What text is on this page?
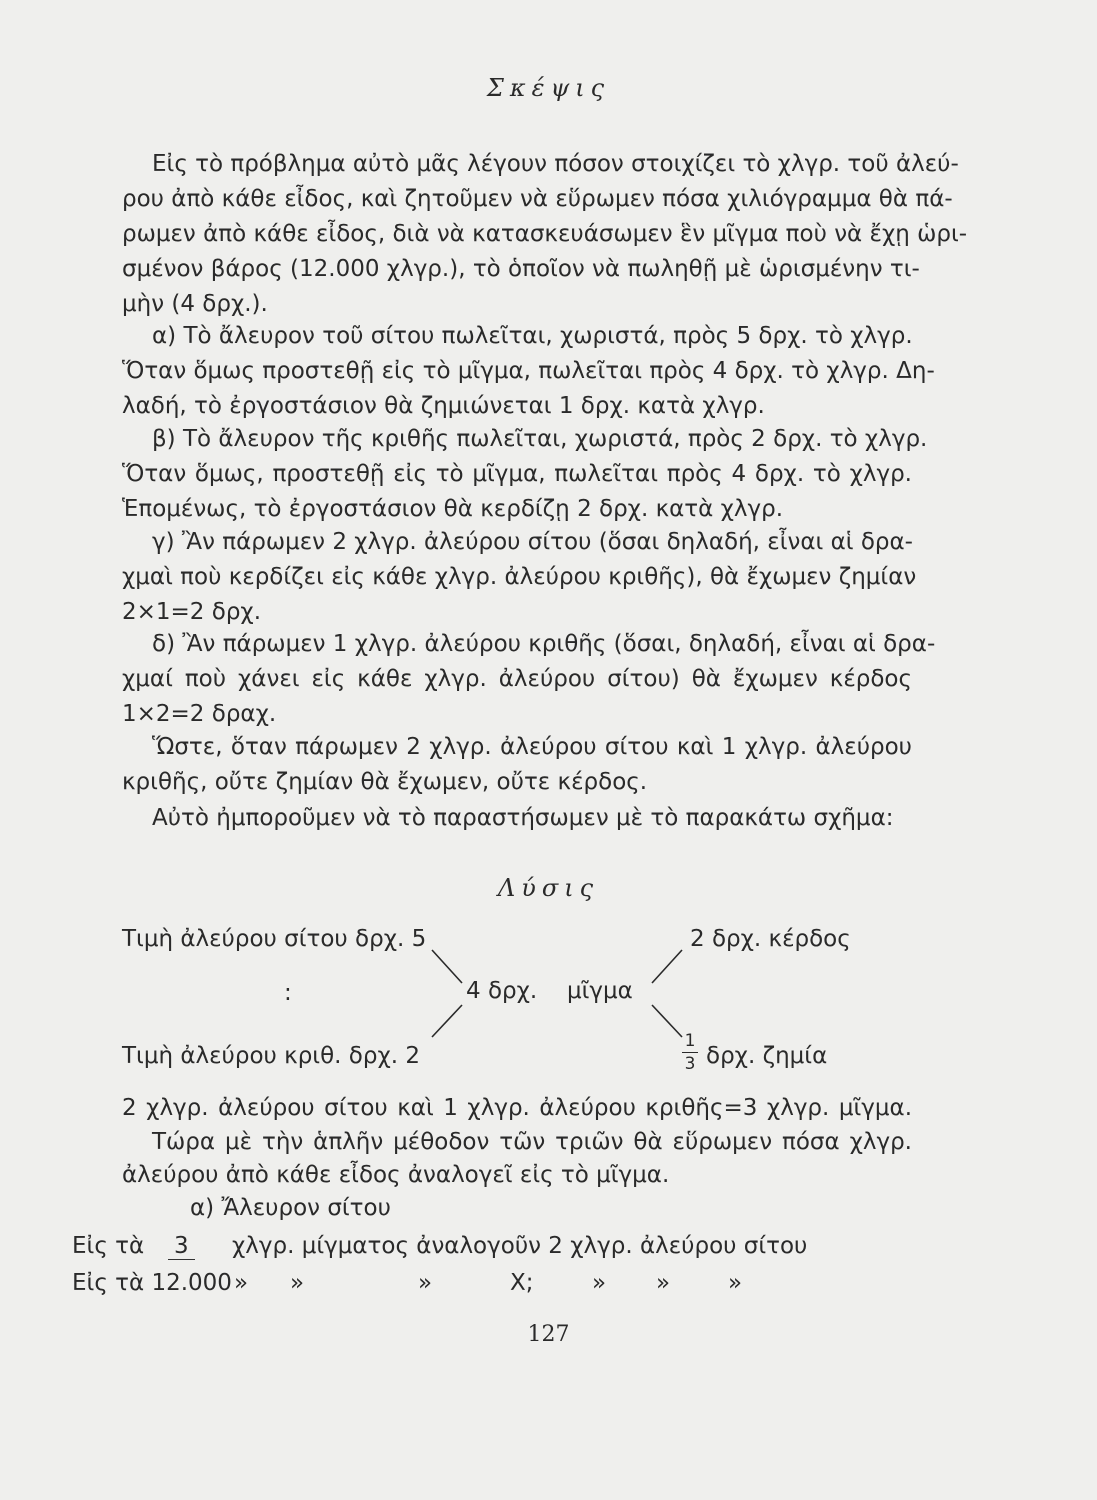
Σκέψις
Εἰς τὸ πρόβλημα αὐτὸ μᾶς λέγουν πόσον στοιχίζει τὸ χλγρ. τοῦ ἀλεύ-
ρου ἀπὸ κάθε εἶδος, καὶ ζητοῦμεν νὰ εὕρωμεν πόσα χιλιόγραμμα θὰ πά-
ρωμεν ἀπὸ κάθε εἶδος, διὰ νὰ κατασκευάσωμεν ἓν μῖγμα ποὺ νὰ ἔχῃ ὡρι-
σμένον βάρος (12.000 χλγρ.), τὸ ὁποῖον νὰ πωληθῇ μὲ ὡρισμένην τι-
μὴν (4 δρχ.).
α) Τὸ ἄλευρον τοῦ σίτου πωλεῖται, χωριστά, πρὸς 5 δρχ. τὸ χλγρ.
Ὅταν ὅμως προστεθῇ εἰς τὸ μῖγμα, πωλεῖται πρὸς 4 δρχ. τὸ χλγρ. Δη-
λαδή, τὸ ἐργοστάσιον θὰ ζημιώνεται 1 δρχ. κατὰ χλγρ.
β) Τὸ ἄλευρον τῆς κριθῆς πωλεῖται, χωριστά, πρὸς 2 δρχ. τὸ χλγρ.
Ὅταν ὅμως, προστεθῇ εἰς τὸ μῖγμα, πωλεῖται πρὸς 4 δρχ. τὸ χλγρ.
Ἑπομένως, τὸ ἐργοστάσιον θὰ κερδίζῃ 2 δρχ. κατὰ χλγρ.
γ) Ἂν πάρωμεν 2 χλγρ. ἀλεύρου σίτου (ὅσαι δηλαδή, εἶναι αἱ δρα-
χμαὶ ποὺ κερδίζει εἰς κάθε χλγρ. ἀλεύρου κριθῆς), θὰ ἔχωμεν ζημίαν
2×1=2 δρχ.
δ) Ἂν πάρωμεν 1 χλγρ. ἀλεύρου κριθῆς (ὅσαι, δηλαδή, εἶναι αἱ δρα-
χμαί ποὺ χάνει εἰς κάθε χλγρ. ἀλεύρου σίτου) θὰ ἔχωμεν κέρδος
1×2=2 δραχ.
Ὥστε, ὅταν πάρωμεν 2 χλγρ. ἀλεύρου σίτου καὶ 1 χλγρ. ἀλεύρου
κριθῆς, οὔτε ζημίαν θὰ ἔχωμεν, οὔτε κέρδος.
Αὐτὸ ἠμποροῦμεν νὰ τὸ παραστήσωμεν μὲ τὸ παρακάτω σχῆμα:
Λύσις
Τιμὴ ἀλεύρου σίτου δρχ. 5	2 δρχ. κέρδος
:	4 δρχ. μῖγμα
Τιμὴ ἀλεύρου κριθ. δρχ. 2
1
3 δρχ. ζημία
2 χλγρ. ἀλεύρου σίτου καὶ 1 χλγρ. ἀλεύρου κριθῆς=3 χλγρ. μῖγμα.
Τώρα μὲ τὴν ἁπλῆν μέθοδον τῶν τριῶν θὰ εὕρωμεν πόσα χλγρ.
ἀλεύρου ἀπὸ κάθε εἶδος ἀναλογεῖ εἰς τὸ μῖγμα.
α) Ἄλευρον σίτου
Εἰς τὰ 3 χλγρ. μίγματος ἀναλογοῦν 2 χλγρ. ἀλεύρου σίτου
Εἰς τὰ 12.000 » »	»	Χ;	» »	»
127
